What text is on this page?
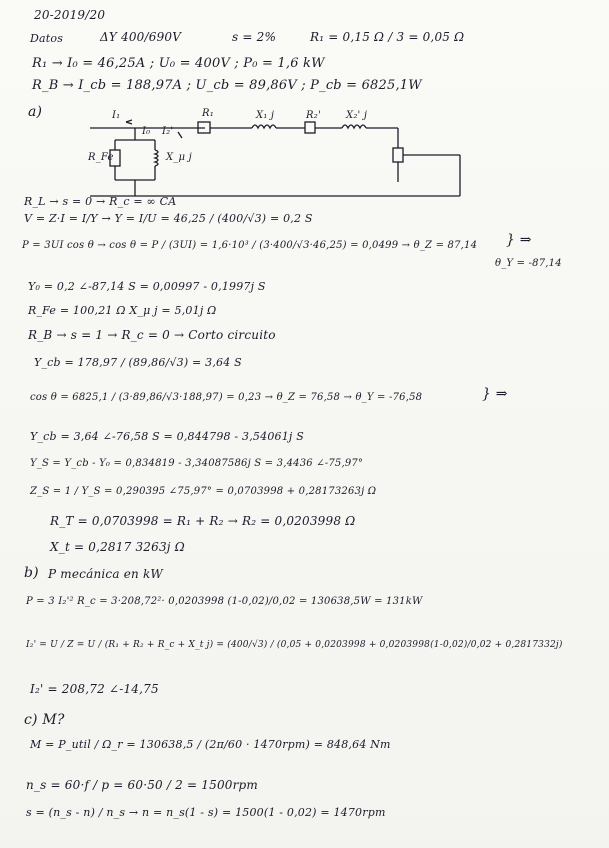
20-2019/20
Datos	ΔY 400/690V	s = 2%	R₁ = 0,15 Ω / 3 = 0,05 Ω
R₁ → I₀ = 46,25A ; U₀ = 400V ; P₀ = 1,6 kW
R_B → I_cb = 188,97A ; U_cb = 89,86V ; P_cb = 6825,1W
a)	I₁	R₁
I₀ I₂'
X₁ j	R₂'	X₂' j
R_Fe	X_μ j
R_L → s = 0 → R_c = ∞ CA
V = Z·I = I/Y → Y = I/U = 46,25 / (400/√3) = 0,2 S
P = 3UI cos θ → cos θ = P / (3UI) = 1,6·10³ / (3·400/√3·46,25) = 0,0499 → θ_Z = 87,14
θ_Y = -87,14
Y₀ = 0,2 ∠-87,14 S = 0,00997 - 0,1997j S
R_Fe = 100,21 Ω X_μ j = 5,01j Ω
R_B → s = 1 → R_c = 0 → Corto circuito
Y_cb = 178,97 / (89,86/√3) = 3,64 S
cos θ = 6825,1 / (3·89,86/√3·188,97) = 0,23 → θ_Z = 76,58 → θ_Y = -76,58
Y_cb = 3,64 ∠-76,58 S = 0,844798 - 3,54061j S
Y_S = Y_cb - Y₀ = 0,834819 - 3,34087586j S = 3,4436 ∠-75,97°
Z_S = 1 / Y_S = 0,290395 ∠75,97° = 0,0703998 + 0,28173263j Ω
R_T = 0,0703998 = R₁ + R₂ → R₂ = 0,0203998 Ω
X_t = 0,2817 3263j Ω
b) P mecánica en kW
P = 3 I₂'² R_c = 3·208,72²· 0,0203998 (1-0,02)/0,02 = 130638,5W = 131kW
I₂' = U / Z = U / (R₁ + R₂ + R_c + X_t j) = (400/√3) / (0,05 + 0,0203998 + 0,0203998(1-0,02)/0,02 + 0,2817332j)
I₂' = 208,72 ∠-14,75
c) M?
M = P_util / Ω_r = 130638,5 / (2π/60 · 1470rpm) = 848,64 Nm
n_s = 60·f / p = 60·50 / 2 = 1500rpm
s = (n_s - n) / n_s → n = n_s(1 - s) = 1500(1 - 0,02) = 1470rpm
} ⇒
} ⇒
